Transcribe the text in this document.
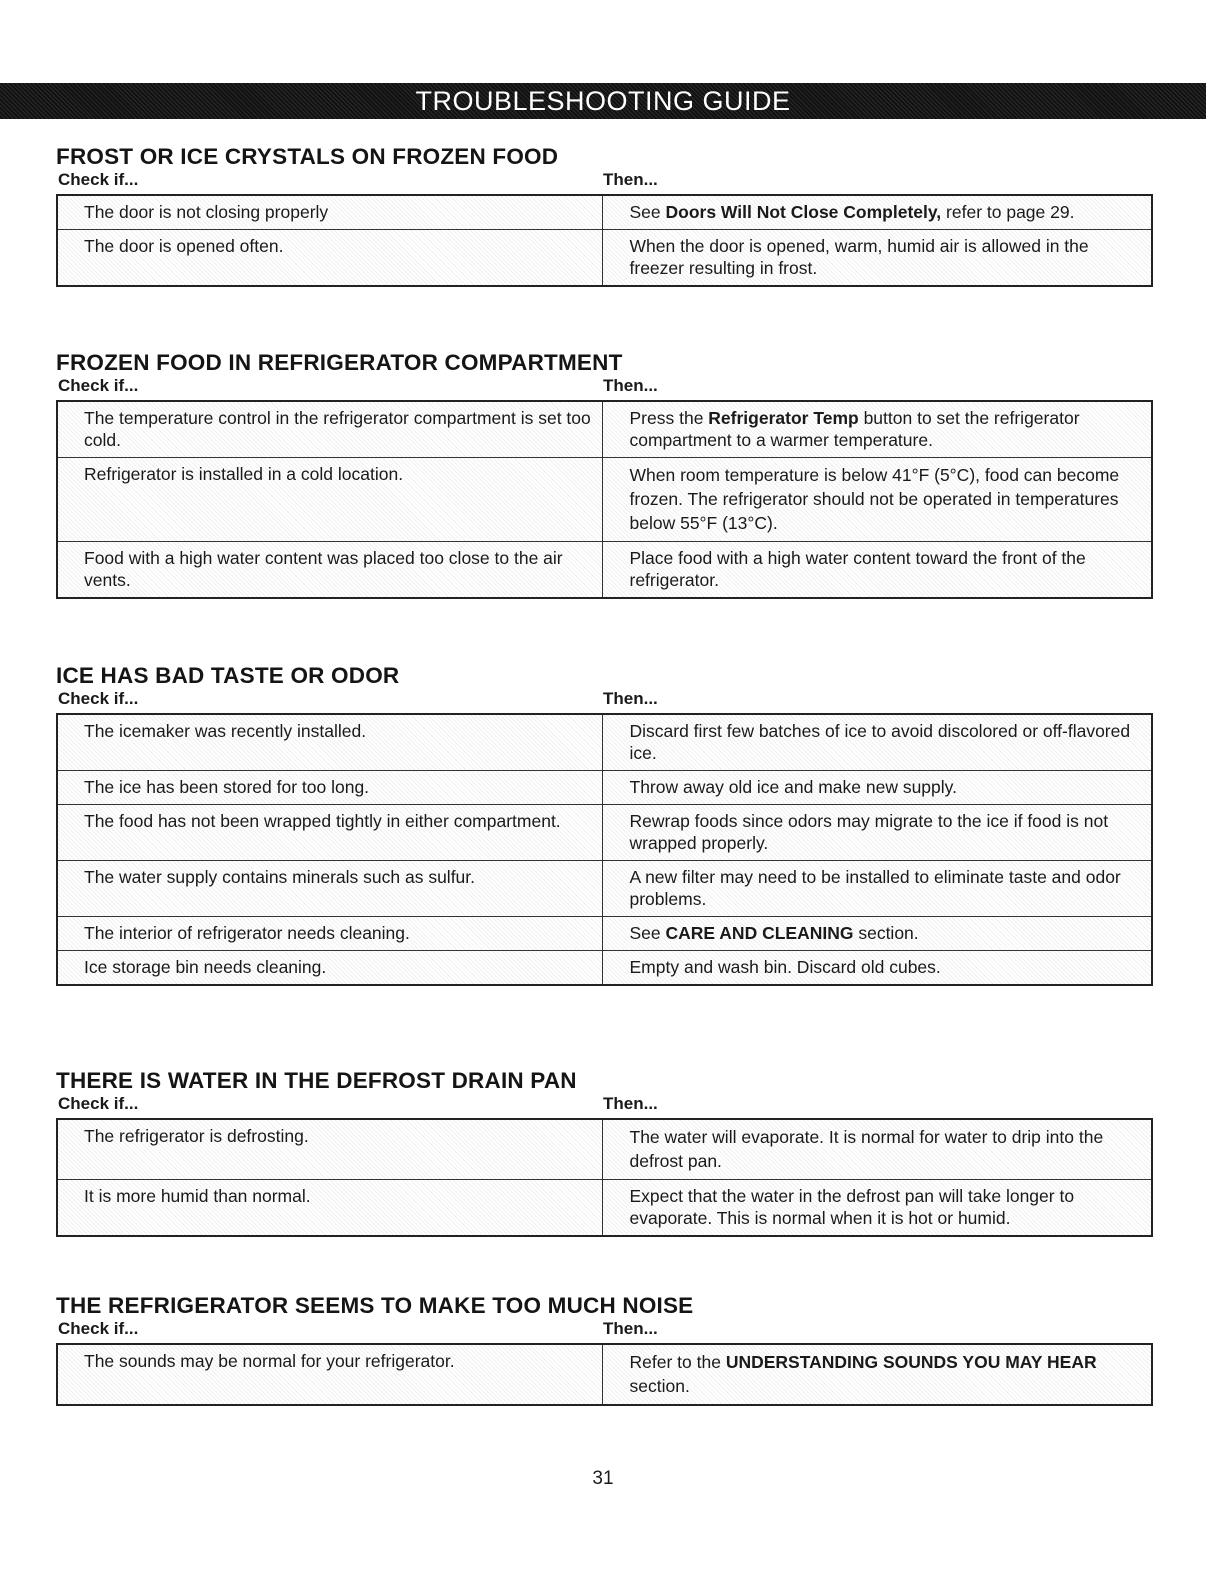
TROUBLESHOOTING GUIDE
FROST OR ICE CRYSTALS ON FROZEN FOOD
Check if...	Then...
The door is not closing properly	See Doors Will Not Close Completely, refer to page 29.
The door is opened often.	When the door is opened, warm, humid air is allowed in the freezer resulting in frost.
FROZEN FOOD IN REFRIGERATOR COMPARTMENT
Check if...	Then...
The temperature control in the refrigerator compartment is set too cold.	Press the Refrigerator Temp button to set the refrigerator compartment to a warmer temperature.
Refrigerator is installed in a cold location.	When room temperature is below 41°F (5°C), food can become frozen. The refrigerator should not be operated in temperatures below 55°F (13°C).
Food with a high water content was placed too close to the air vents.	Place food with a high water content toward the front of the refrigerator.
ICE HAS BAD TASTE OR ODOR
Check if...	Then...
The icemaker was recently installed.	Discard first few batches of ice to avoid discolored or off-flavored ice.
The ice has been stored for too long.	Throw away old ice and make new supply.
The food has not been wrapped tightly in either compartment.	Rewrap foods since odors may migrate to the ice if food is not wrapped properly.
The water supply contains minerals such as sulfur.	A new filter may need to be installed to eliminate taste and odor problems.
The interior of refrigerator needs cleaning.	See CARE AND CLEANING section.
Ice storage bin needs cleaning.	Empty and wash bin. Discard old cubes.
THERE IS WATER IN THE DEFROST DRAIN PAN
Check if...	Then...
The refrigerator is defrosting.	The water will evaporate. It is normal for water to drip into the defrost pan.
It is more humid than normal.	Expect that the water in the defrost pan will take longer to evaporate. This is normal when it is hot or humid.
THE REFRIGERATOR SEEMS TO MAKE TOO MUCH NOISE
Check if...	Then...
The sounds may be normal for your refrigerator.	Refer to the UNDERSTANDING SOUNDS YOU MAY HEAR section.
31
